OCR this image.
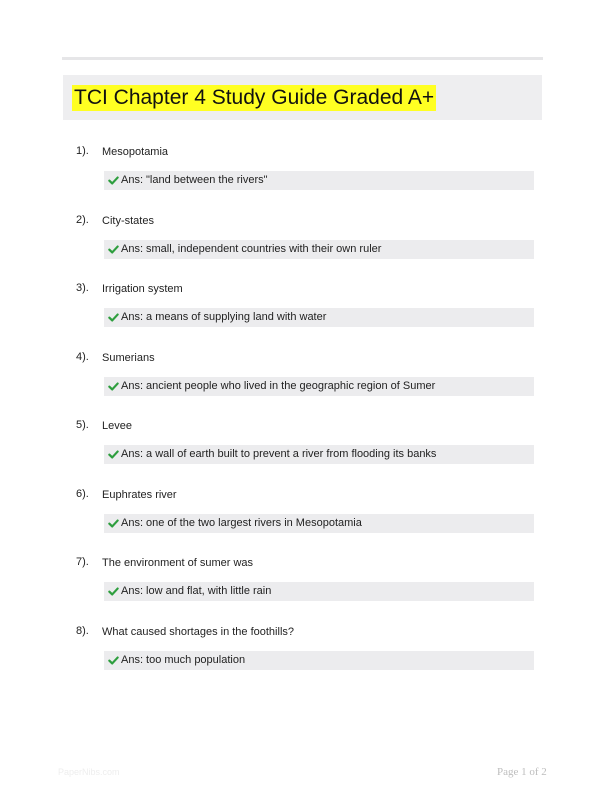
TCI Chapter 4 Study Guide Graded A+
1). Mesopotamia
Ans: "land between the rivers"
2). City-states
Ans: small, independent countries with their own ruler
3). Irrigation system
Ans: a means of supplying land with water
4). Sumerians
Ans: ancient people who lived in the geographic region of Sumer
5). Levee
Ans: a wall of earth built to prevent a river from flooding its banks
6). Euphrates river
Ans: one of the two largest rivers in Mesopotamia
7). The environment of sumer was
Ans: low and flat, with little rain
8). What caused shortages in the foothills?
Ans: too much population
PaperNibs.com	Page 1 of 2
